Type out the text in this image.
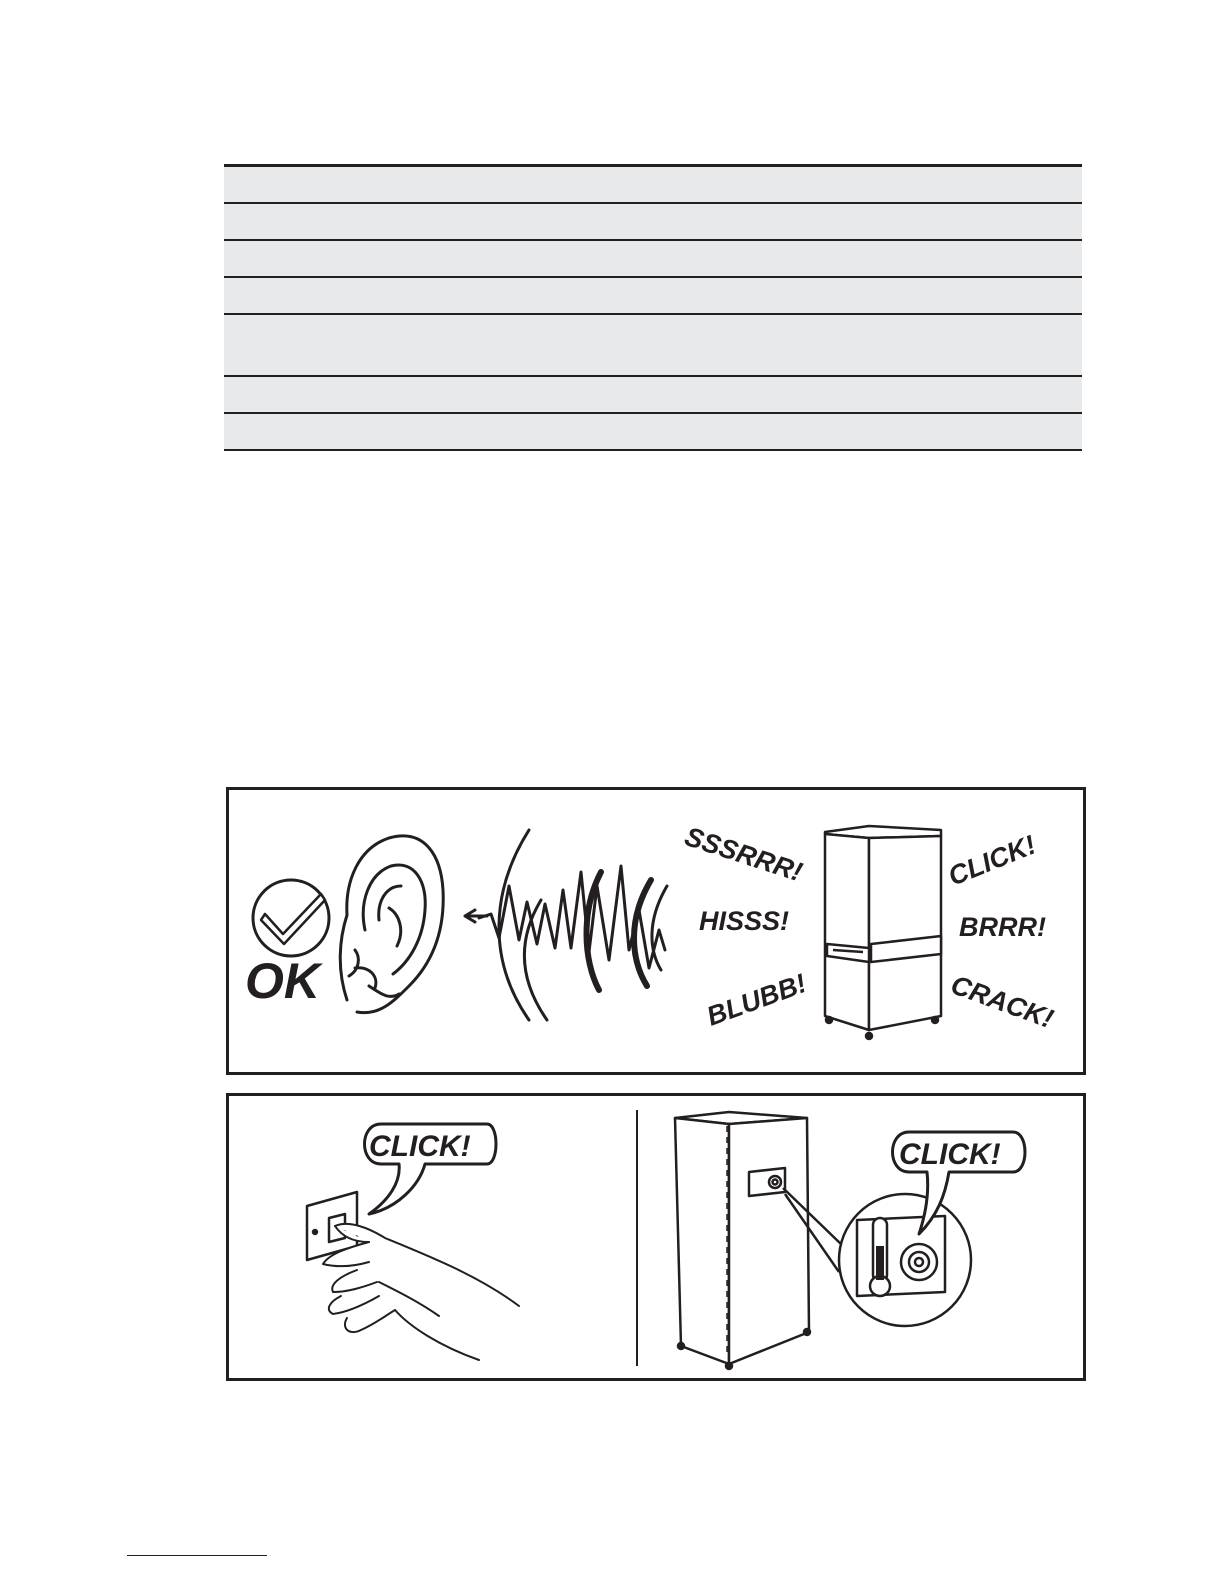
OK
SSSRRR!
HISSS!
BLUBB!
CLICK!
BRRR!
CRACK!
CLICK!	CLICK!
